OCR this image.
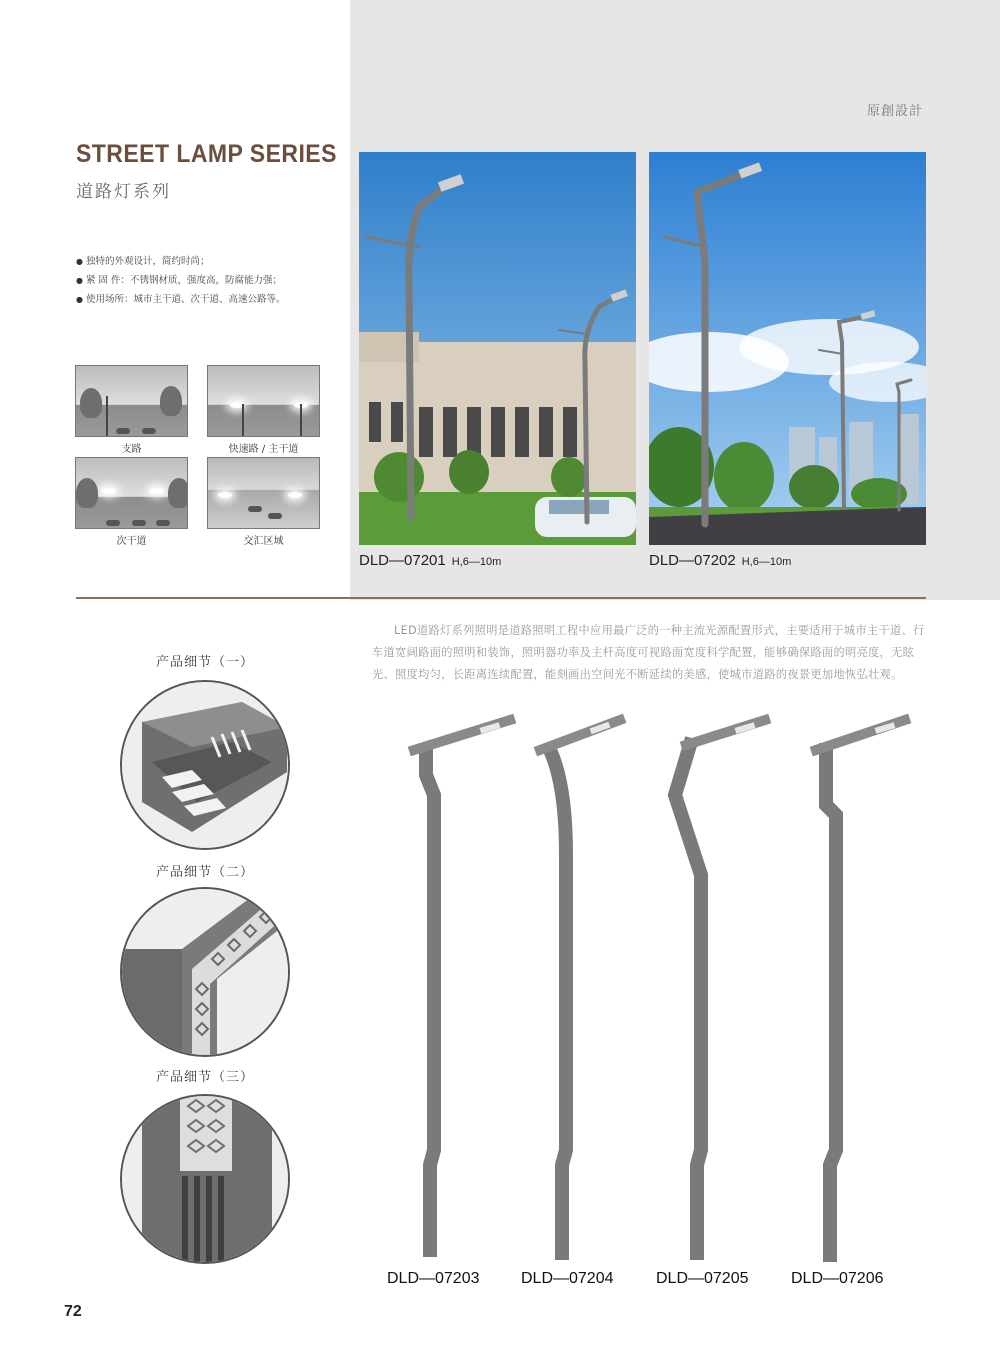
原創設計
STREET LAMP SERIES
道路灯系列
● 独特的外观设计，简约时尚；
● 紧 固 件：不锈钢材质，强度高，防腐能力强；
● 使用场所：城市主干道、次干道、高速公路等。
支路	快速路 / 主干道
次干道	交汇区域
DLD—07201 H,6—10m	DLD—07202 H,6—10m

LED道路灯系列照明是道路照明工程中应用最广泛的一种主流光源配置形式，主要适用于城市主干道、行车道宽阔路面的照明和装饰，照明器功率及主杆高度可视路面宽度科学配置，能够确保路面的明亮度，无眩光、照度均匀，长距离连续配置，能刻画出空间光不断延续的美感，使城市道路的夜景更加地恢弘壮观。

产品细节（一）
产品细节（二）
产品细节（三）
DLD—07203	DLD—07204	DLD—07205	DLD—07206
72
